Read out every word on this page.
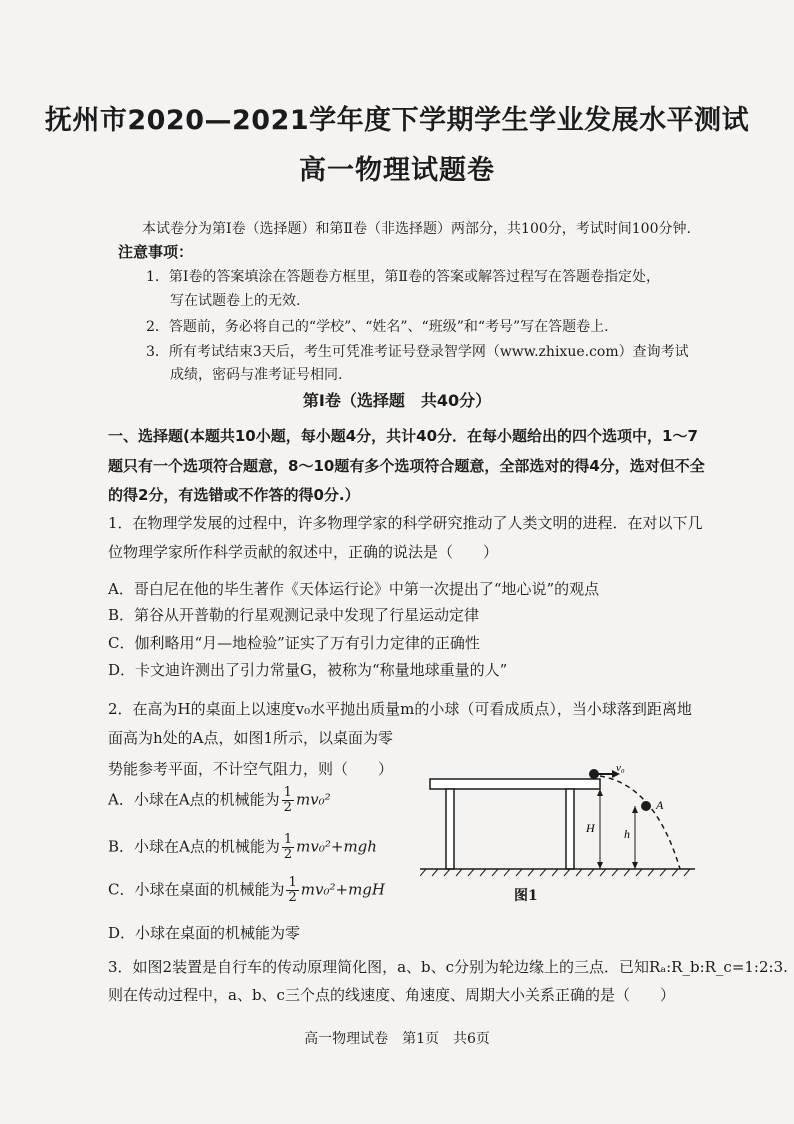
抚州市2020—2021学年度下学期学生学业发展水平测试
高一物理试题卷
本试卷分为第Ⅰ卷（选择题）和第Ⅱ卷（非选择题）两部分，共100分，考试时间100分钟.
注意事项：
1．第Ⅰ卷的答案填涂在答题卷方框里，第Ⅱ卷的答案或解答过程写在答题卷指定处，
写在试题卷上的无效.
2．答题前，务必将自己的“学校”、“姓名”、“班级”和“考号”写在答题卷上.
3．所有考试结束3天后，考生可凭准考证号登录智学网（www.zhixue.com）查询考试
成绩，密码与准考证号相同.
第Ⅰ卷（选择题　共40分）
一、选择题(本题共10小题，每小题4分，共计40分．在每小题给出的四个选项中，1～7
题只有一个选项符合题意，8～10题有多个选项符合题意，全部选对的得4分，选对但不全
的得2分，有选错或不作答的得0分.）
1．在物理学发展的过程中，许多物理学家的科学研究推动了人类文明的进程．在对以下几
位物理学家所作科学贡献的叙述中，正确的说法是（　　）
A．哥白尼在他的毕生著作《天体运行论》中第一次提出了“地心说”的观点
B．第谷从开普勒的行星观测记录中发现了行星运动定律
C．伽利略用“月—地检验”证实了万有引力定律的正确性
D．卡文迪许测出了引力常量G，被称为“称量地球重量的人”
2．在高为H的桌面上以速度v₀水平抛出质量m的小球（可看成质点），当小球落到距离地
面高为h处的A点，如图1所示，以桌面为零
势能参考平面，不计空气阻力，则（　　）
A．小球在A点的机械能为 $\frac{1}{2} mv_0^2$
B．小球在A点的机械能为 $\frac{1}{2} mv_0^2+mgh$
C．小球在桌面的机械能为 $\frac{1}{2} mv_0^2+mgH$
D．小球在桌面的机械能为零
v₀
A
H h
图1
3．如图2装置是自行车的传动原理简化图，a、b、c分别为轮边缘上的三点．已知Rₐ:R_b:R_c=1:2:3.
则在传动过程中，a、b、c三个点的线速度、角速度、周期大小关系正确的是（　　）
高一物理试卷　第1页　共6页
